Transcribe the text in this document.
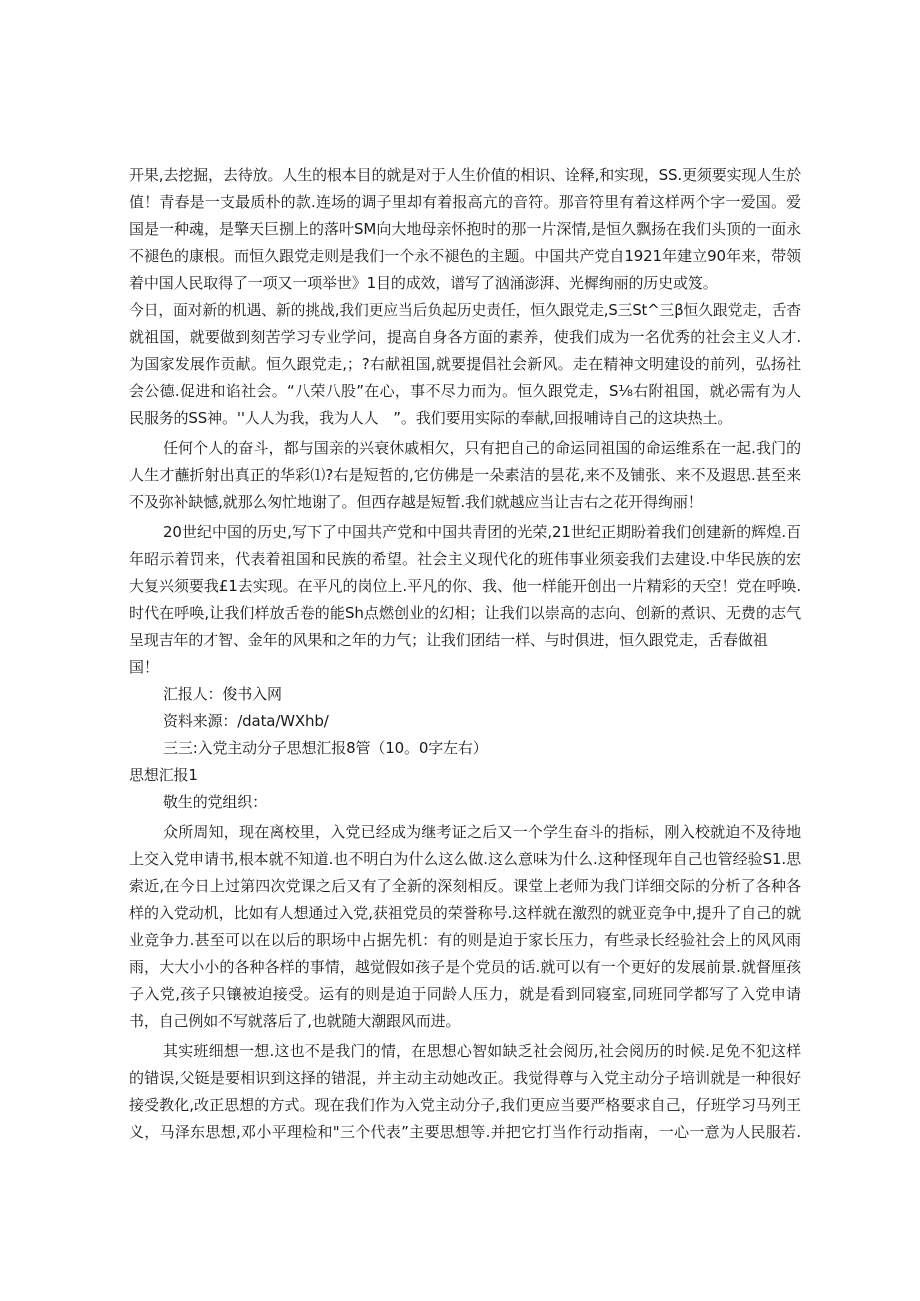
开果,去挖掘，去待放。人生的根本目的就是对于人生价值的相识、诠释,和实现，SS.更须要实现人生於
值！青春是一支最质朴的款.连场的调子里却有着报高亢的音符。那音符里有着这样两个字一爱国。爱
国是一种魂，是擎天巨捌上的落叶SM向大地母亲怀抱时的那一片深情,是恒久飘扬在我们头顶的一面永
不褪色的康根。而恒久跟党走则是我们一个永不褪色的主题。中国共产党自1921年建立90年来，带领
着中国人民取得了一项又一项举世》1目的成效，谱写了汹涌澎湃、光樨绚丽的历史或笈。
今日，面对新的机遇、新的挑战,我们更应当后负起历史责任，恒久跟党走,S三St^三β恒久跟党走，舌杳
就祖国，就要做到刻苦学习专业学问，提高自身各方面的素养，使我们成为一名优秀的社会主义人才.
为国家发展作贡献。恒久跟党走,；?右献祖国,就要提倡社会新风。走在精神文明建设的前列，弘扬社
会公德.促进和谄社会。“八荣八股”在心，事不尽力而为。恒久跟党走，S⅛右附祖国，就必需有为人
民服务的SS神。''人人为我，我为人人　”。我们要用实际的奉献,回报哺诗自己的这块热土。
任何个人的奋斗，都与国亲的兴衰休戚相欠，只有把自己的命运同祖国的命运维系在一起.我门的
人生才蘸折射出真正的华彩⑴?右是短哲的,它仿佛是一朵素洁的昙花,来不及铺张、来不及遐思.甚至来
不及弥补缺憾,就那么匆忙地谢了。但西存越是短暂.我们就越应当让吉右之花开得绚丽！
20世纪中国的历史,写下了中国共产党和中国共青团的光荣,21世纪正期盼着我们创建新的辉煌.百
年昭示着罚来，代表着祖国和民族的希望。社会主义现代化的班伟事业须妾我们去建设.中华民族的宏
大复兴须要我£1去实现。在平凡的岗位上.平凡的你、我、他一样能开创出一片精彩的天空！党在呼唤.
时代在呼唤,让我们样放舌卷的能Sh点燃创业的幻相；让我们以崇高的志向、创新的煮识、无费的志气
呈现吉年的才智、金年的风果和之年的力气；让我们团结一样、与时俱进，恒久跟党走，舌春做祖
国！
汇报人：俊书入网
资料来源：/data/WXhb/
三三:入党主动分子思想汇报8管（10。0字左右）
思想汇报1
敬生的党组织：
众所周知，现在离校里，入党已经成为继考证之后又一个学生奋斗的指标，刚入校就迫不及待地
上交入党申请书,根本就不知道.也不明白为什么这么做.这么意味为什么.这种怪现年自己也管经验S1.思
索近,在今日上过第四次党课之后又有了全新的深刻相反。课堂上老师为我门详细交际的分析了各种各
样的入党动机，比如有人想通过入党,获祖党员的荣誉称号.这样就在激烈的就亚竞争中,提升了自己的就
业竞争力.甚至可以在以后的职场中占据先机：有的则是迫于家长压力，有些录长经验社会上的风风雨
雨，大大小小的各种各样的事情，越觉假如孩子是个党员的话.就可以有一个更好的发展前景.就督厘孩
子入党,孩子只镶被迫接受。运有的则是迫于同龄人压力，就是看到同寝室,同班同学都写了入党申请
书，自己例如不写就落后了,也就随大潮跟风而进。
其实班细想一想.这也不是我门的情，在思想心智如缺乏社会阅历,社会阅历的时候.足免不犯这样
的错误,父铤是要相识到这择的错混，并主动主动她改正。我觉得尊与入党主动分子培训就是一种很好
接受教化,改正思想的方式。现在我们作为入党主动分子,我们更应当要严格要求自己，仔班学习马列王
义，马泽东思想,邓小平理检和"三个代表”主要思想等.并把它打当作行动指南，一心一意为人民服若.
